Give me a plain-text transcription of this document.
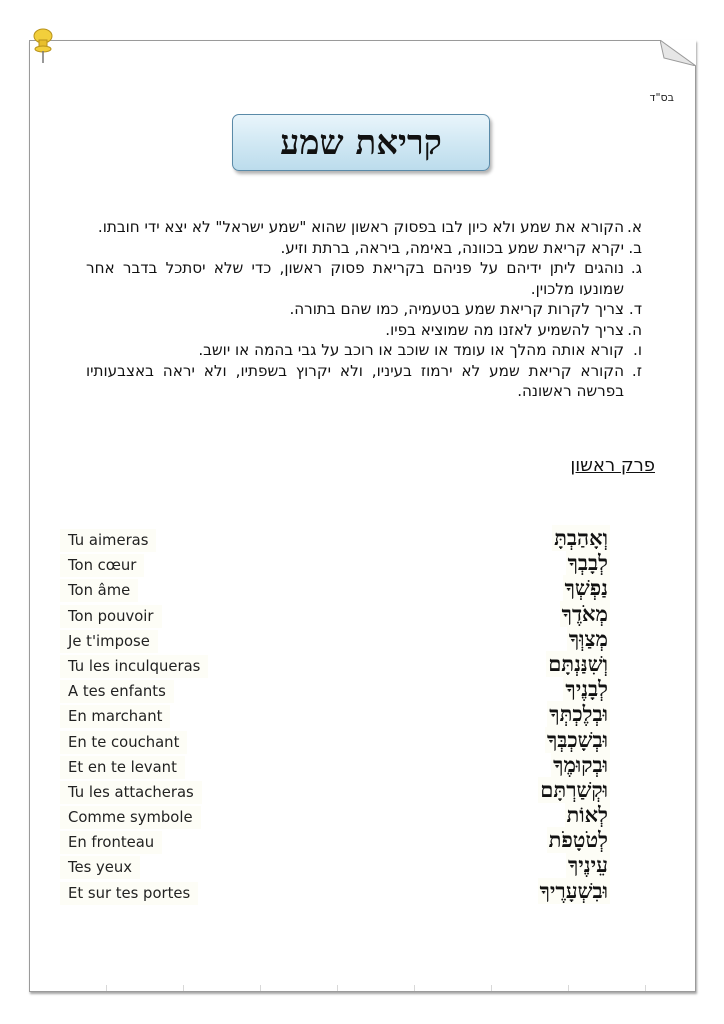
בס"ד
קריאת שמע
א.
הקורא את שמע ולא כיון לבו בפסוק ראשון שהוא "שמע ישראל" לא יצא ידי חובתו.
ב.
יקרא קריאת שמע בכוונה, באימה, ביראה, ברתת וזיע.
ג.
נוהגים ליתן ידיהם על פניהם בקריאת פסוק ראשון, כדי שלא יסתכל בדבר אחר שמונעו מלכוין.
ד.
צריך לקרות קריאת שמע בטעמיה, כמו שהם בתורה.
ה.
צריך להשמיע לאזנו מה שמוציא בפיו.
ו.
קורא אותה מהלך או עומד או שוכב או רוכב על גבי בהמה או יושב.
ז.
הקורא קריאת שמע לא ירמוז בעיניו, ולא יקרוץ בשפתיו, ולא יראה באצבעותיו בפרשה ראשונה.
פרק ראשון
Tu aimeras	וְאָהַבְתָּ
Ton cœur	לְבָבְךָ
Ton âme	נַפְשְׁךָ
Ton pouvoir	מְאֹדֶךָ
Je t'impose	מְצַוְּךָ
Tu les inculqueras	וְשִׁנַּנְתָּם
A tes enfants	לְבָנֶיךָ
En marchant	וּבְלֶכְתְּךָ
En te couchant	וּבְשָׁכְבְּךָ
Et en te levant	וּבְקוּמֶךָ
Tu les attacheras	וּקְשַׁרְתָּם
Comme symbole	לְאוֹת
En fronteau	לְטֹטָפֹת
Tes yeux	עֵינֶיךָ
Et sur tes portes	וּבִשְׁעָרֶיךָ
